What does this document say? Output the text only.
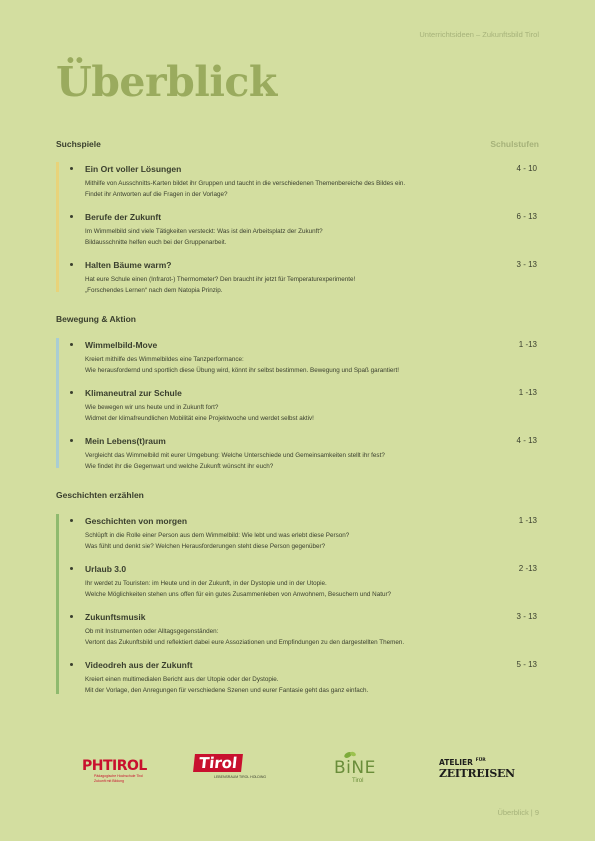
Unterrichtsideen – Zukunftsbild Tirol
Überblick
Schulstufen
Suchspiele
Ein Ort voller Lösungen	4 - 10
Mithilfe von Ausschnitts-Karten bildet ihr Gruppen und taucht in die verschiedenen Themenbereiche des Bildes ein.
Findet ihr Antworten auf die Fragen in der Vorlage?
Berufe der Zukunft	6 - 13
Im Wimmelbild sind viele Tätigkeiten versteckt: Was ist dein Arbeitsplatz der Zukunft?
Bildausschnitte helfen euch bei der Gruppenarbeit.
Halten Bäume warm?	3 - 13
Hat eure Schule einen (Infrarot-) Thermometer? Den braucht ihr jetzt für Temperaturexperimente!
„Forschendes Lernen“ nach dem Natopia Prinzip.
Bewegung & Aktion
Wimmelbild-Move	1 -13
Kreiert mithilfe des Wimmelbildes eine Tanzperformance:
Wie herausfordernd und sportlich diese Übung wird, könnt ihr selbst bestimmen. Bewegung und Spaß garantiert!
Klimaneutral zur Schule	1 -13
Wie bewegen wir uns heute und in Zukunft fort?
Widmet der klimafreundlichen Mobilität eine Projektwoche und werdet selbst aktiv!
Mein Lebens(t)raum	4 - 13
Vergleicht das Wimmelbild mit eurer Umgebung: Welche Unterschiede und Gemeinsamkeiten stellt ihr fest?
Wie findet ihr die Gegenwart und welche Zukunft wünscht ihr euch?
Geschichten erzählen
Geschichten von morgen	1 -13
Schlüpft in die Rolle einer Person aus dem Wimmelbild: Wie lebt und was erlebt diese Person?
Was fühlt und denkt sie? Welchen Herausforderungen steht diese Person gegenüber?
Urlaub 3.0	2 -13
Ihr werdet zu Touristen: im Heute und in der Zukunft, in der Dystopie und in der Utopie.
Welche Möglichkeiten stehen uns offen für ein gutes Zusammenleben von Anwohnern, Besuchern und Natur?
Zukunftsmusik	3 - 13
Ob mit Instrumenten oder Alltagsgegenständen:
Vertont das Zukunftsbild und reflektiert dabei eure Assoziationen und Empfindungen zu den dargestellten Themen.
Videodreh aus der Zukunft	5 - 13
Kreiert einen multimedialen Bericht aus der Utopie oder der Dystopie.
Mit der Vorlage, den Anregungen für verschiedene Szenen und eurer Fantasie geht das ganz einfach.
PHTIROL
Pädagogische Hochschule Tirol
Zukunft mit Bildung
Tirol
LEBENSRAUM TIROL HOLDING	BiNE
Tirol
ATELIER $^{FÜR}$
ZEITREISEN
Überblick | 9
